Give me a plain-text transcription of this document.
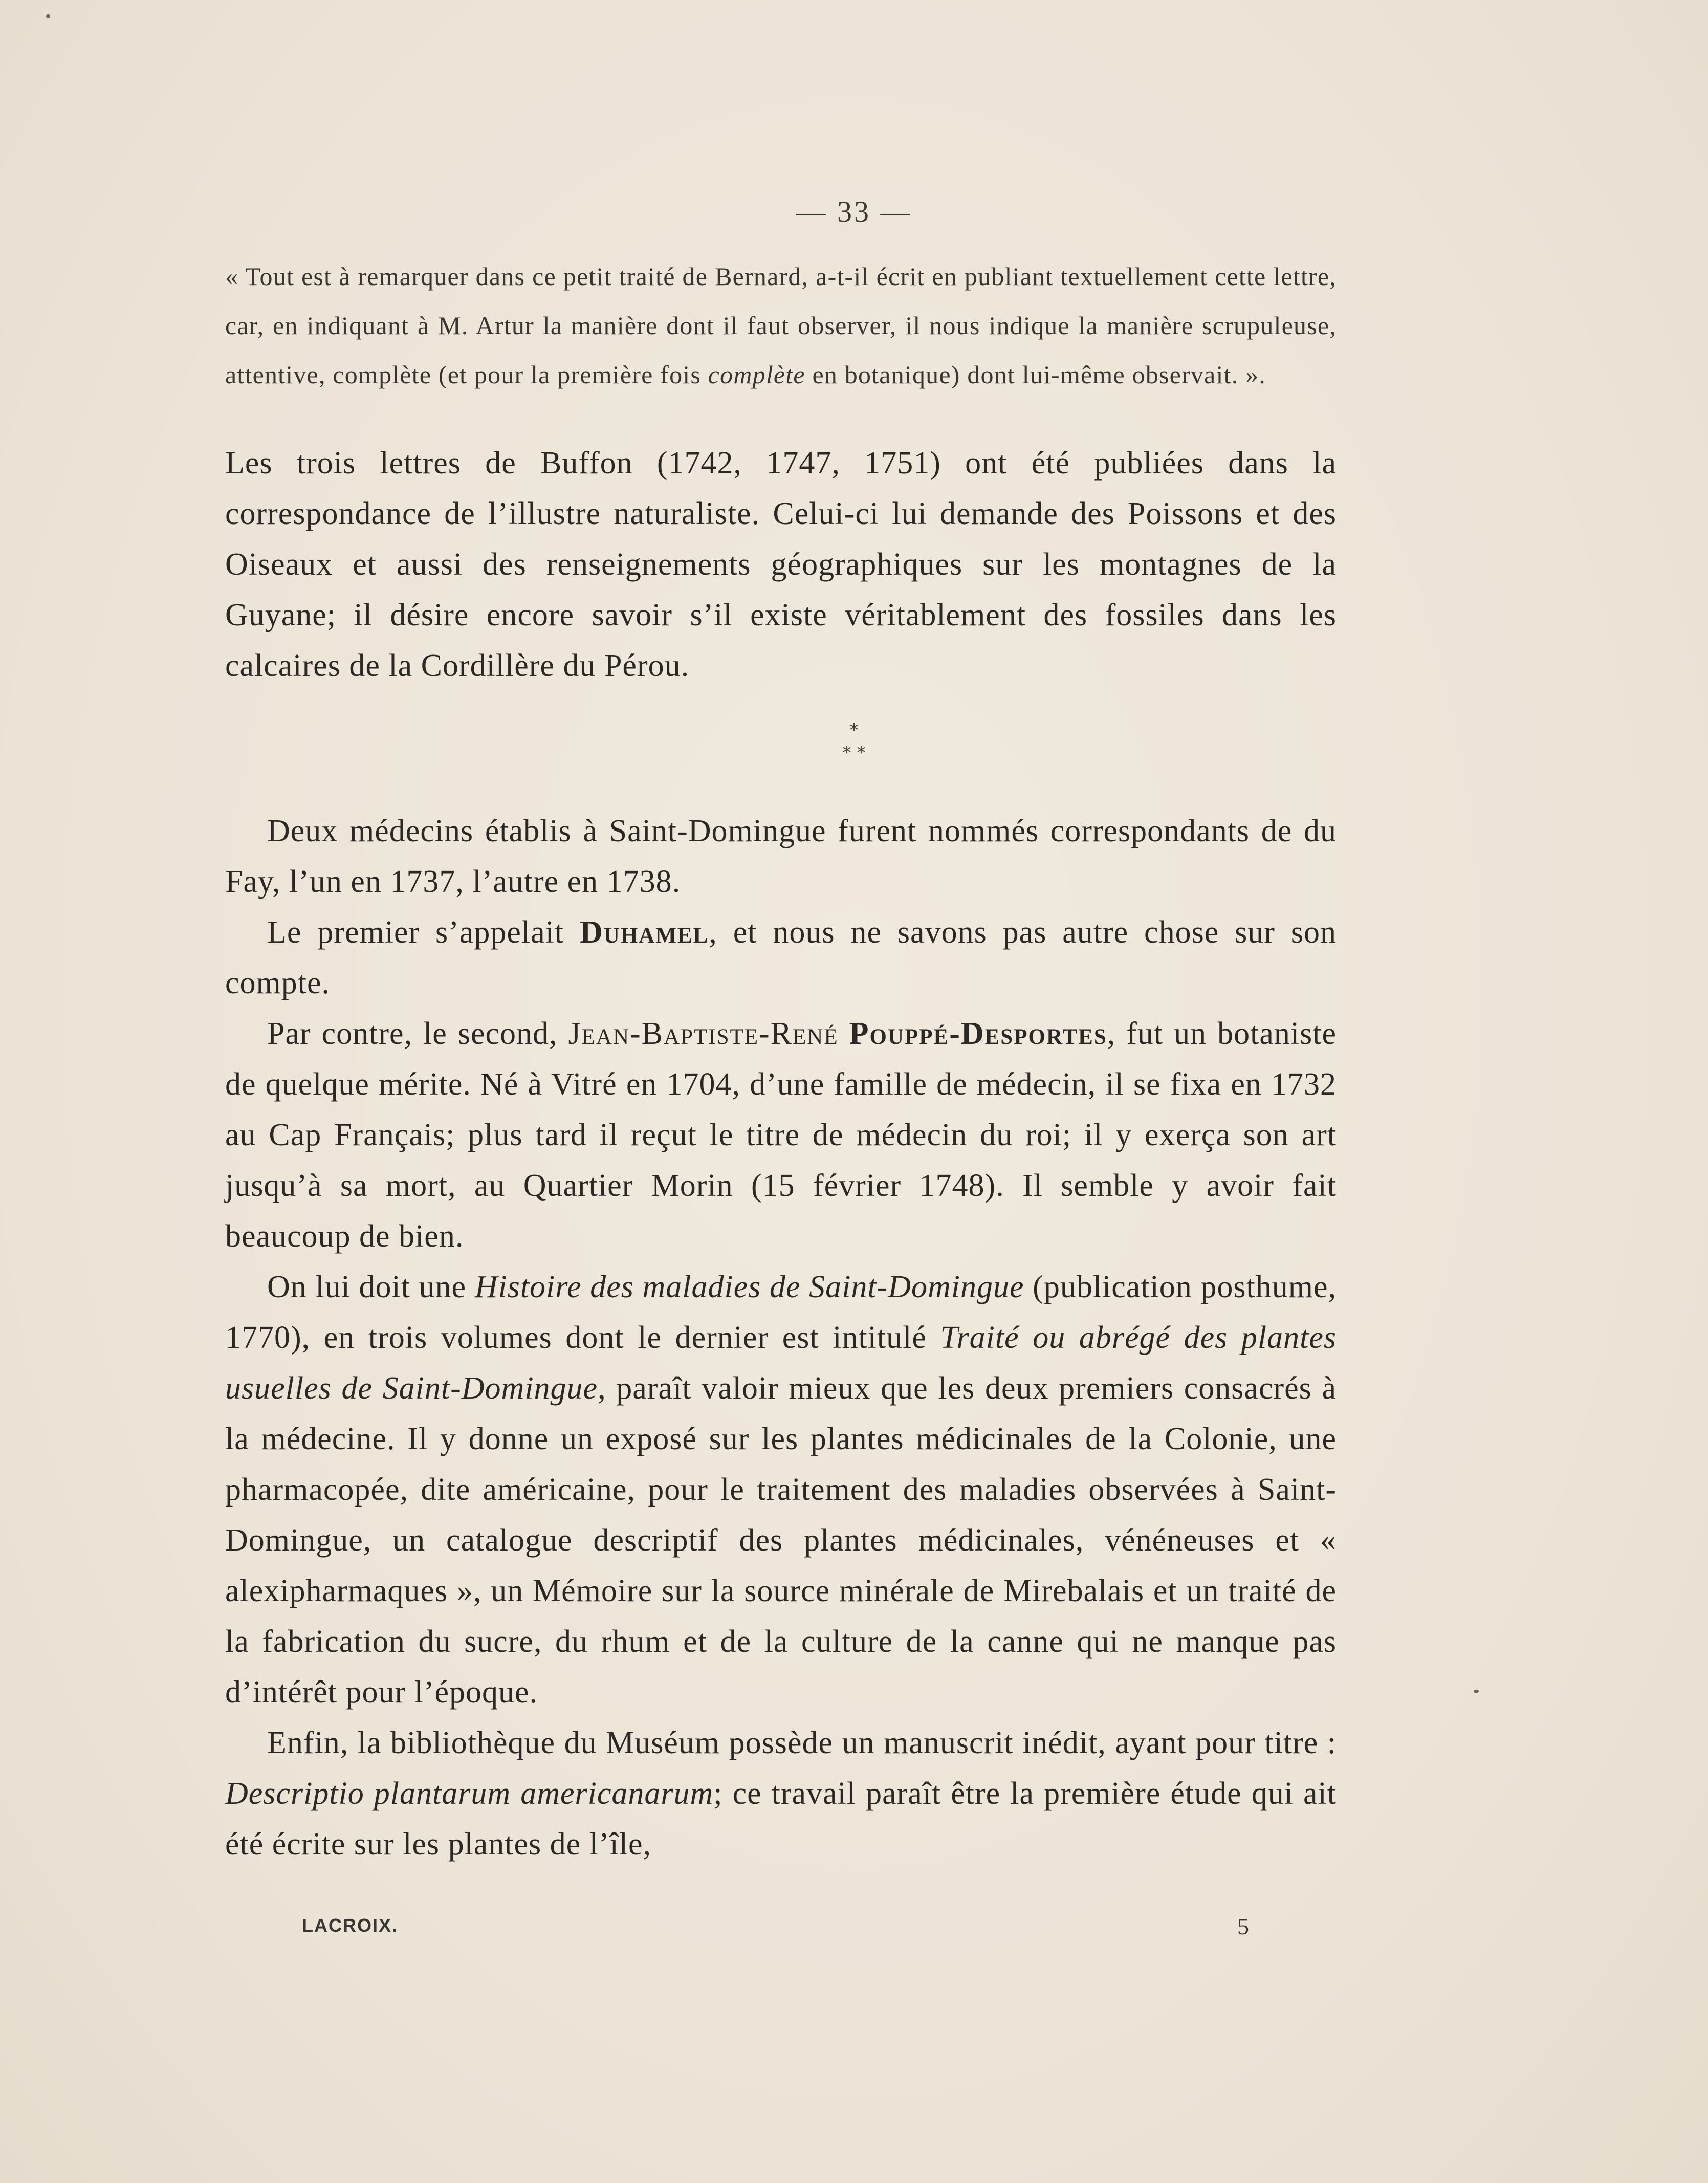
— 33 —

« Tout est à remarquer dans ce petit traité de Bernard, a-t-il écrit en publiant textuellement cette lettre, car, en indiquant à M. Artur la manière dont il faut observer, il nous indique la manière scrupuleuse, attentive, complète (et pour la première fois complète en botanique) dont lui-même observait. ».

Les trois lettres de Buffon (1742, 1747, 1751) ont été publiées dans la correspondance de l’illustre naturaliste. Celui-ci lui demande des Poissons et des Oiseaux et aussi des renseignements géographiques sur les montagnes de la Guyane; il désire encore savoir s’il existe véritablement des fossiles dans les calcaires de la Cordillère du Pérou.

*
* *

Deux médecins établis à Saint-Domingue furent nommés correspondants de du Fay, l’un en 1737, l’autre en 1738.

Le premier s’appelait Duhamel, et nous ne savons pas autre chose sur son compte.

Par contre, le second, Jean-Baptiste-René Pouppé-Desportes, fut un botaniste de quelque mérite. Né à Vitré en 1704, d’une famille de médecin, il se fixa en 1732 au Cap Français; plus tard il reçut le titre de médecin du roi; il y exerça son art jusqu’à sa mort, au Quartier Morin (15 février 1748). Il semble y avoir fait beaucoup de bien.

On lui doit une Histoire des maladies de Saint-Domingue (publication posthume, 1770), en trois volumes dont le dernier est intitulé Traité ou abrégé des plantes usuelles de Saint-Domingue, paraît valoir mieux que les deux premiers consacrés à la médecine. Il y donne un exposé sur les plantes médicinales de la Colonie, une pharmacopée, dite américaine, pour le traitement des maladies observées à Saint-Domingue, un catalogue descriptif des plantes médicinales, vénéneuses et « alexipharmaques », un Mémoire sur la source minérale de Mirebalais et un traité de la fabrication du sucre, du rhum et de la culture de la canne qui ne manque pas d’intérêt pour l’époque.

Enfin, la bibliothèque du Muséum possède un manuscrit inédit, ayant pour titre : Descriptio plantarum americanarum; ce travail paraît être la première étude qui ait été écrite sur les plantes de l’île,

LACROIX.	5
